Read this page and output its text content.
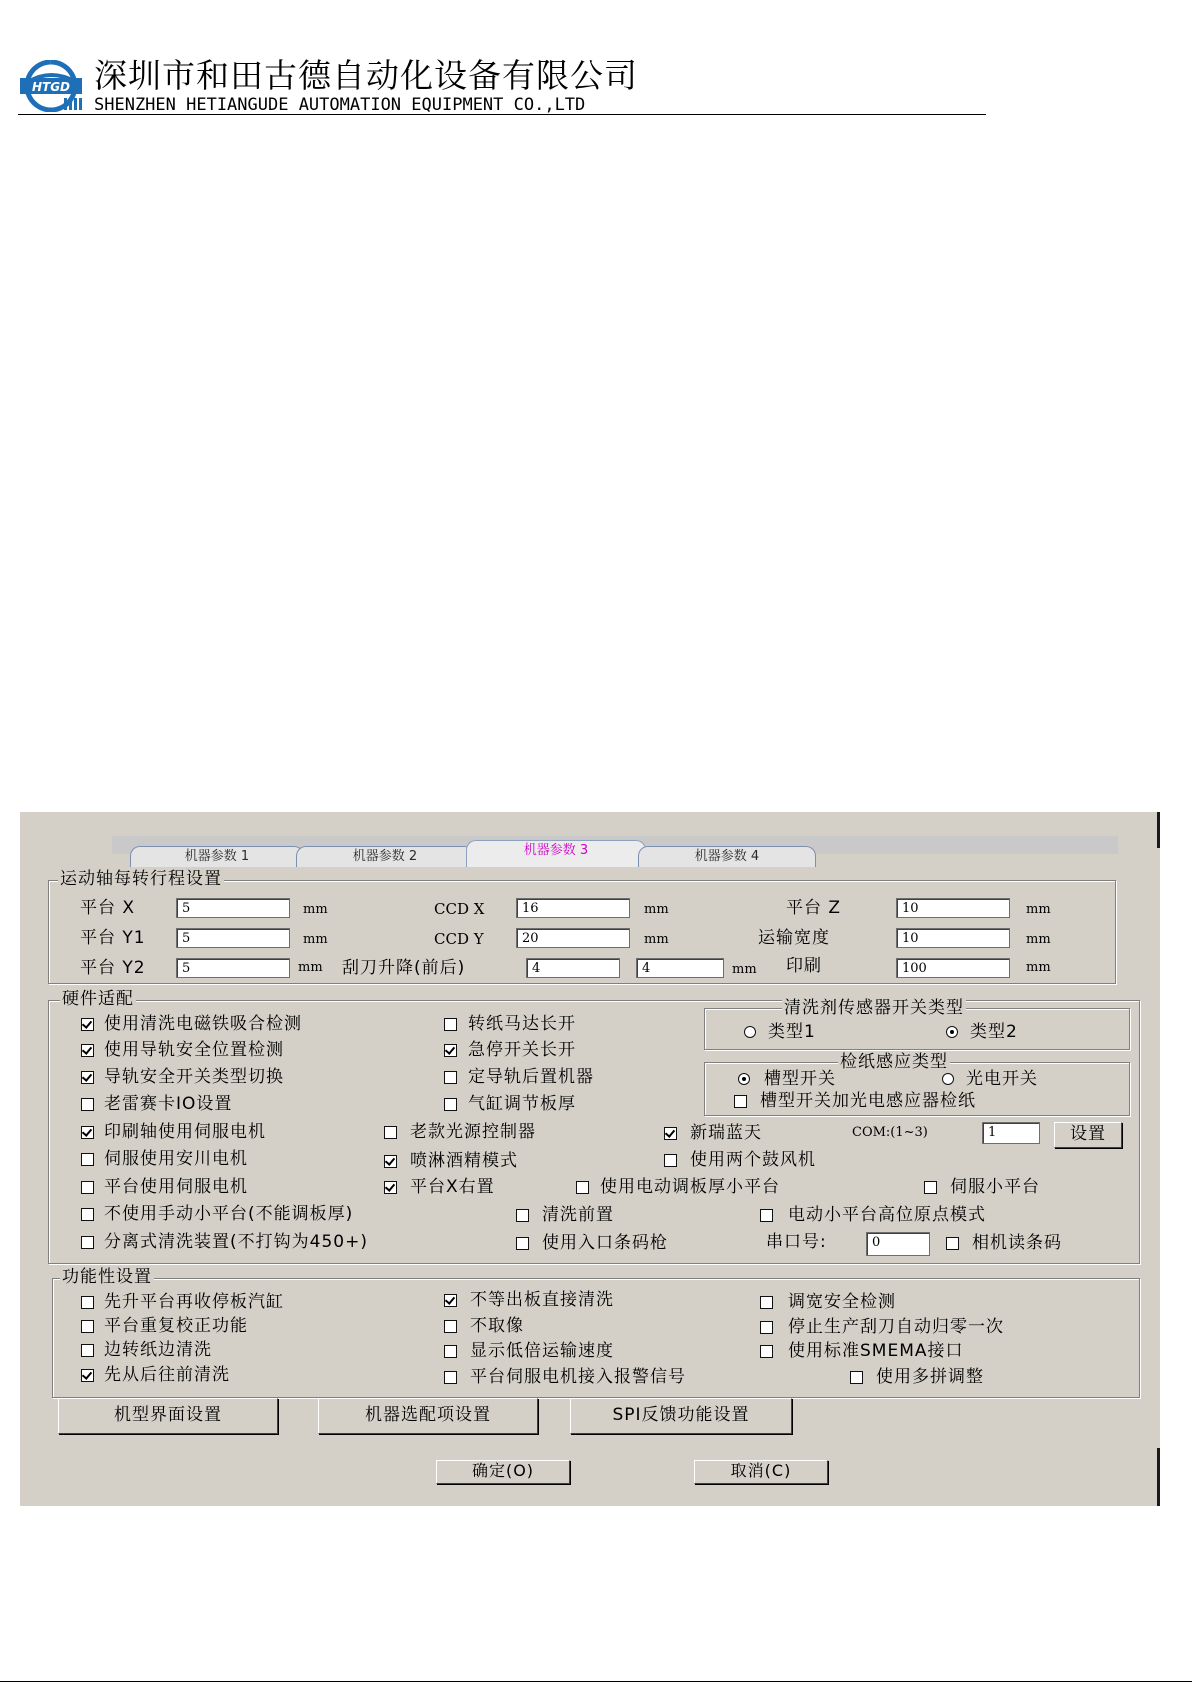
HTGD 深圳市和田古德自动化设备有限公司
SHENZHEN HETIANGUDE AUTOMATION EQUIPMENT CO.,LTD
机器参数 1	机器参数 2	机器参数 3	机器参数 4
运动轴每转行程设置
平台 X	5	mm	CCD X	16	mm	平台 Z	10	mm
平台 Y1	5	mm	CCD Y	20	mm	运输宽度	10	mm
平台 Y2	5	mm 刮刀升降(前后)	4	4	mm 印刷	100	mm
硬件适配
使用清洗电磁铁吸合检测	转纸马达长开
使用导轨安全位置检测	急停开关长开
导轨安全开关类型切换	定导轨后置机器
老雷赛卡IO设置	气缸调节板厚
清洗剂传感器开关类型
类型1	类型2
检纸感应类型
槽型开关	光电开关
槽型开关加光电感应器检纸
印刷轴使用伺服电机	老款光源控制器	新瑞蓝天	COM:(1~3)	1	设置
伺服使用安川电机	喷淋酒精模式	使用两个鼓风机
平台使用伺服电机	平台X右置	使用电动调板厚小平台	伺服小平台
不使用手动小平台(不能调板厚)	清洗前置	电动小平台高位原点模式
分离式清洗装置(不打钩为450+)	使用入口条码枪	串口号:	0	相机读条码
功能性设置
先升平台再收停板汽缸	不等出板直接清洗	调宽安全检测
平台重复校正功能	不取像	停止生产刮刀自动归零一次
边转纸边清洗	显示低倍运输速度	使用标准SMEMA接口
先从后往前清洗	平台伺服电机接入报警信号	使用多拼调整
机型界面设置	机器选配项设置	SPI反馈功能设置
确定(O)	取消(C)
